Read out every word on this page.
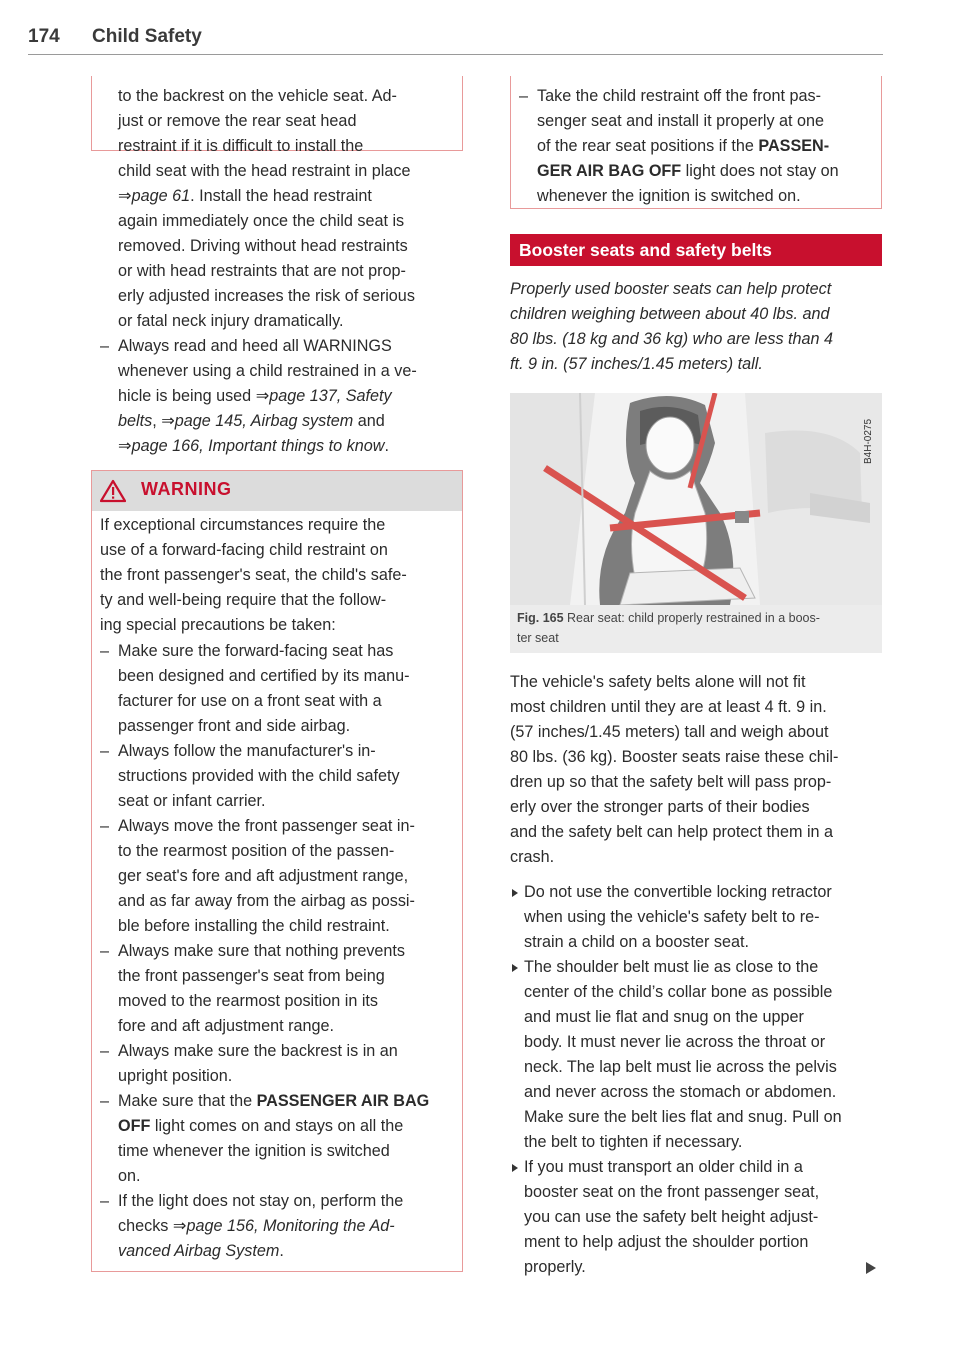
174 Child Safety

to the backrest on the vehicle seat. Ad-

just or remove the rear seat head

restraint if it is difficult to install the

child seat with the head restraint in place

⇒page 61. Install the head restraint

again immediately once the child seat is

removed. Driving without head restraints

or with head restraints that are not prop-

erly adjusted increases the risk of serious

or fatal neck injury dramatically.

– Always read and heed all WARNINGS

whenever using a child restrained in a ve-

hicle is being used ⇒page 137, Safety

belts, ⇒page 145, Airbag system and

⇒page 166, Important things to know.

WARNING

If exceptional circumstances require the

use of a forward-facing child restraint on

the front passenger's seat, the child's safe-

ty and well-being require that the follow-

ing special precautions be taken:

– Make sure the forward-facing seat has

been designed and certified by its manu-

facturer for use on a front seat with a

passenger front and side airbag.

– Always follow the manufacturer's in-

structions provided with the child safety

seat or infant carrier.

– Always move the front passenger seat in-

to the rearmost position of the passen-

ger seat's fore and aft adjustment range,

and as far away from the airbag as possi-

ble before installing the child restraint.

– Always make sure that nothing prevents

the front passenger's seat from being

moved to the rearmost position in its

fore and aft adjustment range.

– Always make sure the backrest is in an

upright position.

– Make sure that the PASSENGER AIR BAG

OFF light comes on and stays on all the

time whenever the ignition is switched

on.

– If the light does not stay on, perform the

checks ⇒page 156, Monitoring the Ad-

vanced Airbag System.

– Take the child restraint off the front pas-

senger seat and install it properly at one

of the rear seat positions if the PASSEN-

GER AIR BAG OFF light does not stay on

whenever the ignition is switched on.

Booster seats and safety belts

Properly used booster seats can help protect

children weighing between about 40 lbs. and

80 lbs. (18 kg and 36 kg) who are less than 4

ft. 9 in. (57 inches/1.45 meters) tall.

B4H-0275
Fig. 165 Rear seat: child properly restrained in a boos-
ter seat

The vehicle's safety belts alone will not fit

most children until they are at least 4 ft. 9 in.

(57 inches/1.45 meters) tall and weigh about

80 lbs. (36 kg). Booster seats raise these chil-

dren up so that the safety belt will pass prop-

erly over the stronger parts of their bodies

and the safety belt can help protect them in a

crash.

Do not use the convertible locking retractor

when using the vehicle's safety belt to re-

strain a child on a booster seat.

The shoulder belt must lie as close to the

center of the child’s collar bone as possible

and must lie flat and snug on the upper

body. It must never lie across the throat or

neck. The lap belt must lie across the pelvis

and never across the stomach or abdomen.

Make sure the belt lies flat and snug. Pull on

the belt to tighten if necessary.

If you must transport an older child in a

booster seat on the front passenger seat,

you can use the safety belt height adjust-

ment to help adjust the shoulder portion

properly.
